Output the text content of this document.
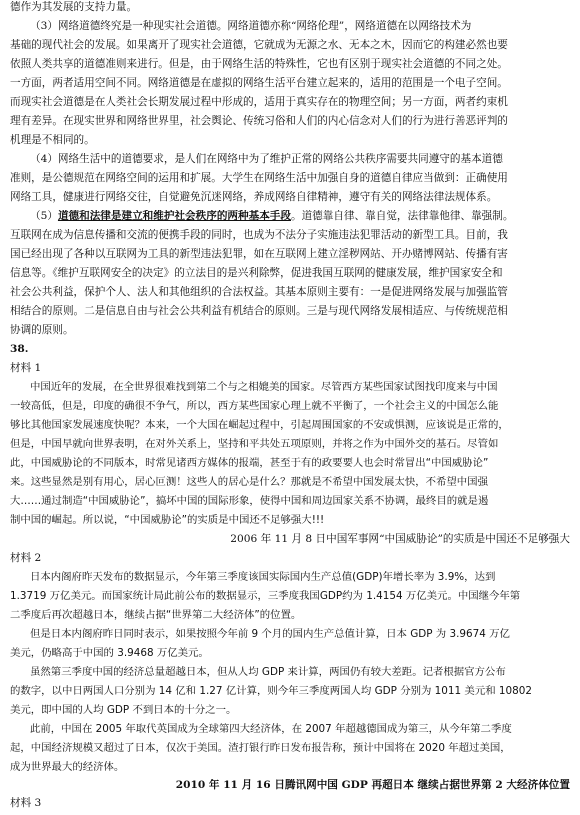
德作为其发展的支持力量。
（3）网络道德终究是一种现实社会道德。网络道德亦称“网络伦理”，网络道德在以网络技术为
基础的现代社会的发展。如果离开了现实社会道德，它就成为无源之水、无本之木，因而它的构建必然也要
依照人类共享的道德准则来进行。但是，由于网络生活的特殊性，它也有区别于现实社会道德的不同之处。
一方面，两者适用空间不同。网络道德是在虚拟的网络生活平台建立起来的，适用的范围是一个电子空间。
而现实社会道德是在人类社会长期发展过程中形成的，适用于真实存在的物理空间；另一方面，两者约束机
理有差异。在现实世界和网络世界里，社会舆论、传统习俗和人们的内心信念对人们的行为进行善恶评判的
机理是不相同的。
（4）网络生活中的道德要求，是人们在网络中为了维护正常的网络公共秩序需要共同遵守的基本道德
准则，是公德规范在网络空间的运用和扩展。大学生在网络生活中加强自身的道德自律应当做到：正确使用
网络工具，健康进行网络交往，自觉避免沉迷网络，养成网络自律精神，遵守有关的网络法律法规体系。
（5）道德和法律是建立和维护社会秩序的两种基本手段。道德靠自律、靠自觉，法律靠他律、靠强制。
互联网在成为信息传播和交流的便携手段的同时，也成为不法分子实施违法犯罪活动的新型工具。目前，我
国已经出现了各种以互联网为工具的新型违法犯罪，如在互联网上建立淫秽网站、开办赌博网站、传播有害
信息等。《维护互联网安全的决定》的立法目的是兴利除弊，促进我国互联网的健康发展，维护国家安全和
社会公共利益，保护个人、法人和其他组织的合法权益。其基本原则主要有：一是促进网络发展与加强监管
相结合的原则。二是信息自由与社会公共利益有机结合的原则。三是与现代网络发展相适应、与传统规范相
协调的原则。
38.
材料 1
中国近年的发展，在全世界很难找到第二个与之相媲美的国家。尽管西方某些国家试图找印度来与中国
一较高低，但是，印度的确很不争气，所以，西方某些国家心理上就不平衡了，一个社会主义的中国怎么能
够比其他国家发展速度快呢？本来，一个大国在崛起过程中，引起周围国家的不安或惧测，应该说是正常的，
但是，中国早就向世界表明，在对外关系上，坚持和平共处五项原则，并将之作为中国外交的基石。尽管如
此，中国威胁论的不同版本，时常见诸西方媒体的报端，甚至于有的政要要人也会时常冒出“中国威胁论”
来。这些显然是别有用心，居心叵测！这些人的居心是什么？那就是不希望中国发展太快，不希望中国强
大……通过制造“中国威胁论”，搞坏中国的国际形象，使得中国和周边国家关系不协调，最终目的就是遏
制中国的崛起。所以说，“中国威胁论”的实质是中国还不足够强大!!!
2006 年 11 月 8 日中国军事网“中国威胁论”的实质是中国还不足够强大
材料 2
日本内阁府昨天发布的数据显示，今年第三季度该国实际国内生产总值(GDP)年增长率为 3.9%，达到
1.3719 万亿美元。而国家统计局此前公布的数据显示，三季度我国GDP约为 1.4154 万亿美元。中国继今年第
二季度后再次超越日本，继续占据“世界第二大经济体”的位置。
但是日本内阁府昨日同时表示，如果按照今年前 9 个月的国内生产总值计算，日本 GDP 为 3.9674 万亿
美元，仍略高于中国的 3.9468 万亿美元。
虽然第三季度中国的经济总量超越日本，但从人均 GDP 来计算，两国仍有较大差距。记者根据官方公布
的数字，以中日两国人口分别为 14 亿和 1.27 亿计算，则今年三季度两国人均 GDP 分别为 1011 美元和 10802
美元，即中国的人均 GDP 不到日本的十分之一。
此前，中国在 2005 年取代英国成为全球第四大经济体，在 2007 年超越德国成为第三，从今年第二季度
起，中国经济规模又超过了日本，仅次于美国。渣打银行昨日发布报告称，预计中国将在 2020 年超过美国，
成为世界最大的经济体。
2010 年 11 月 16 日腾讯网中国 GDP 再超日本 继续占据世界第 2 大经济体位置
材料 3
